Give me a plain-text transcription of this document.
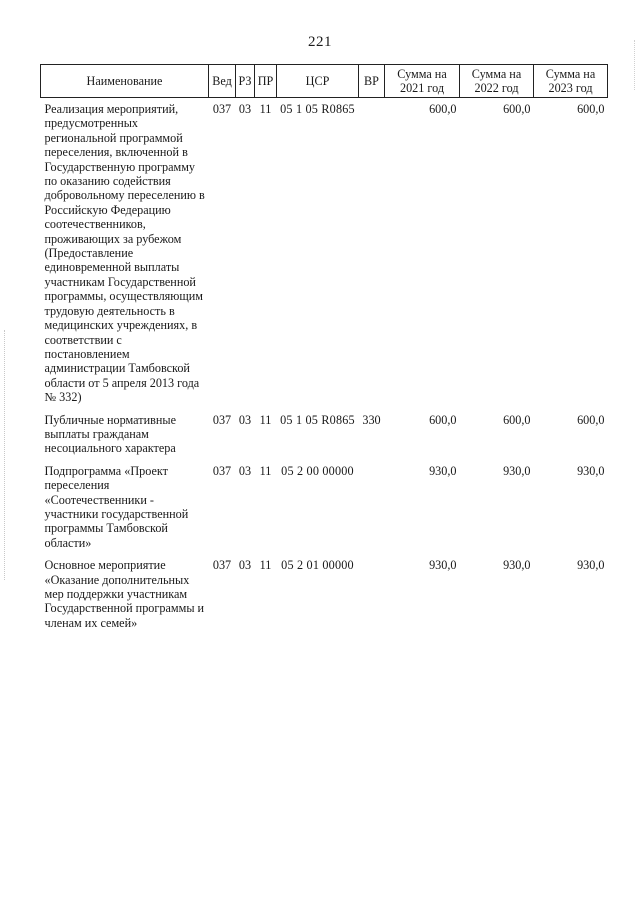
221
Наименование	Вед	РЗ	ПР	ЦСР	ВР	Сумма на 2021 год	Сумма на 2022 год	Сумма на 2023 год
Реализация мероприятий, предусмотренных региональной программой переселения, включенной в Государственную программу по оказанию содействия добровольному переселению в Российскую Федерацию соотечественников, проживающих за рубежом (Предоставление единовременной выплаты участникам Государственной программы, осуществляющим трудовую деятельность в медицинских учреждениях, в соответствии с постановлением администрации Тамбовской области от 5 апреля 2013 года № 332)	037	03	11	05 1 05 R0865		600,0	600,0	600,0
Публичные нормативные выплаты гражданам несоциального характера	037	03	11	05 1 05 R0865	330	600,0	600,0	600,0
Подпрограмма «Проект переселения «Соотечественники - участники государственной программы Тамбовской области»	037	03	11	05 2 00 00000		930,0	930,0	930,0
Основное мероприятие «Оказание дополнительных мер поддержки участникам Государственной программы и членам их семей»	037	03	11	05 2 01 00000		930,0	930,0	930,0
